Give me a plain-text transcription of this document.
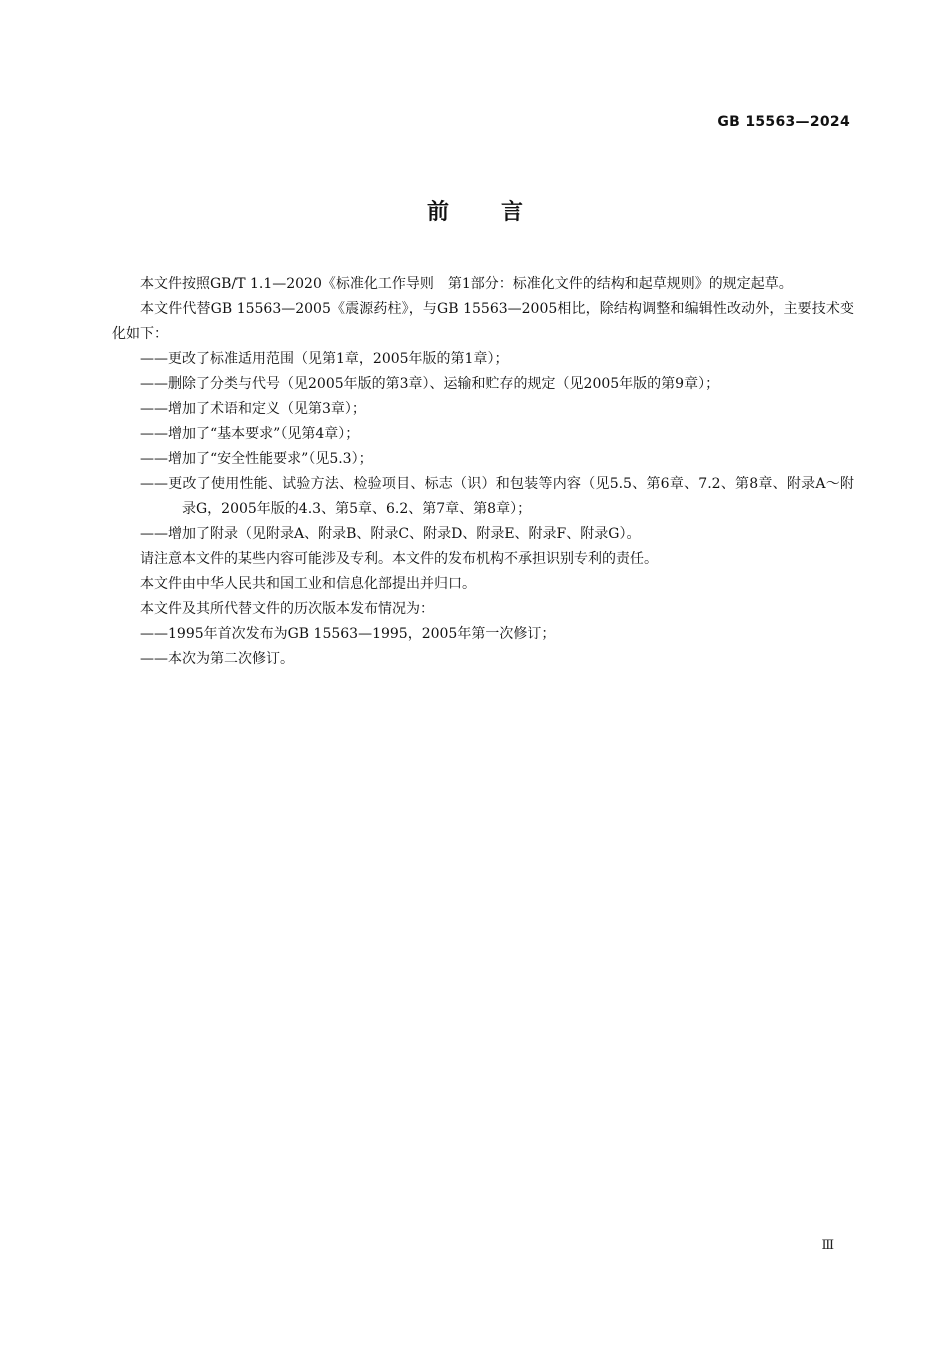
GB 15563—2024
前言

本文件按照GB/T 1.1—2020《标准化工作导则　第1部分：标准化文件的结构和起草规则》的规定起草。

本文件代替GB 15563—2005《震源药柱》，与GB 15563—2005相比，除结构调整和编辑性改动外，主要技术变化如下：

——更改了标准适用范围（见第1章，2005年版的第1章）；

——删除了分类与代号（见2005年版的第3章）、运输和贮存的规定（见2005年版的第9章）；

——增加了术语和定义（见第3章）；

——增加了“基本要求”（见第4章）；

——增加了“安全性能要求”（见5.3）；

——更改了使用性能、试验方法、检验项目、标志（识）和包装等内容（见5.5、第6章、7.2、第8章、附录A～附录G，2005年版的4.3、第5章、6.2、第7章、第8章）；

——增加了附录（见附录A、附录B、附录C、附录D、附录E、附录F、附录G）。

请注意本文件的某些内容可能涉及专利。本文件的发布机构不承担识别专利的责任。

本文件由中华人民共和国工业和信息化部提出并归口。

本文件及其所代替文件的历次版本发布情况为：

——1995年首次发布为GB 15563—1995，2005年第一次修订；

——本次为第二次修订。

Ⅲ
